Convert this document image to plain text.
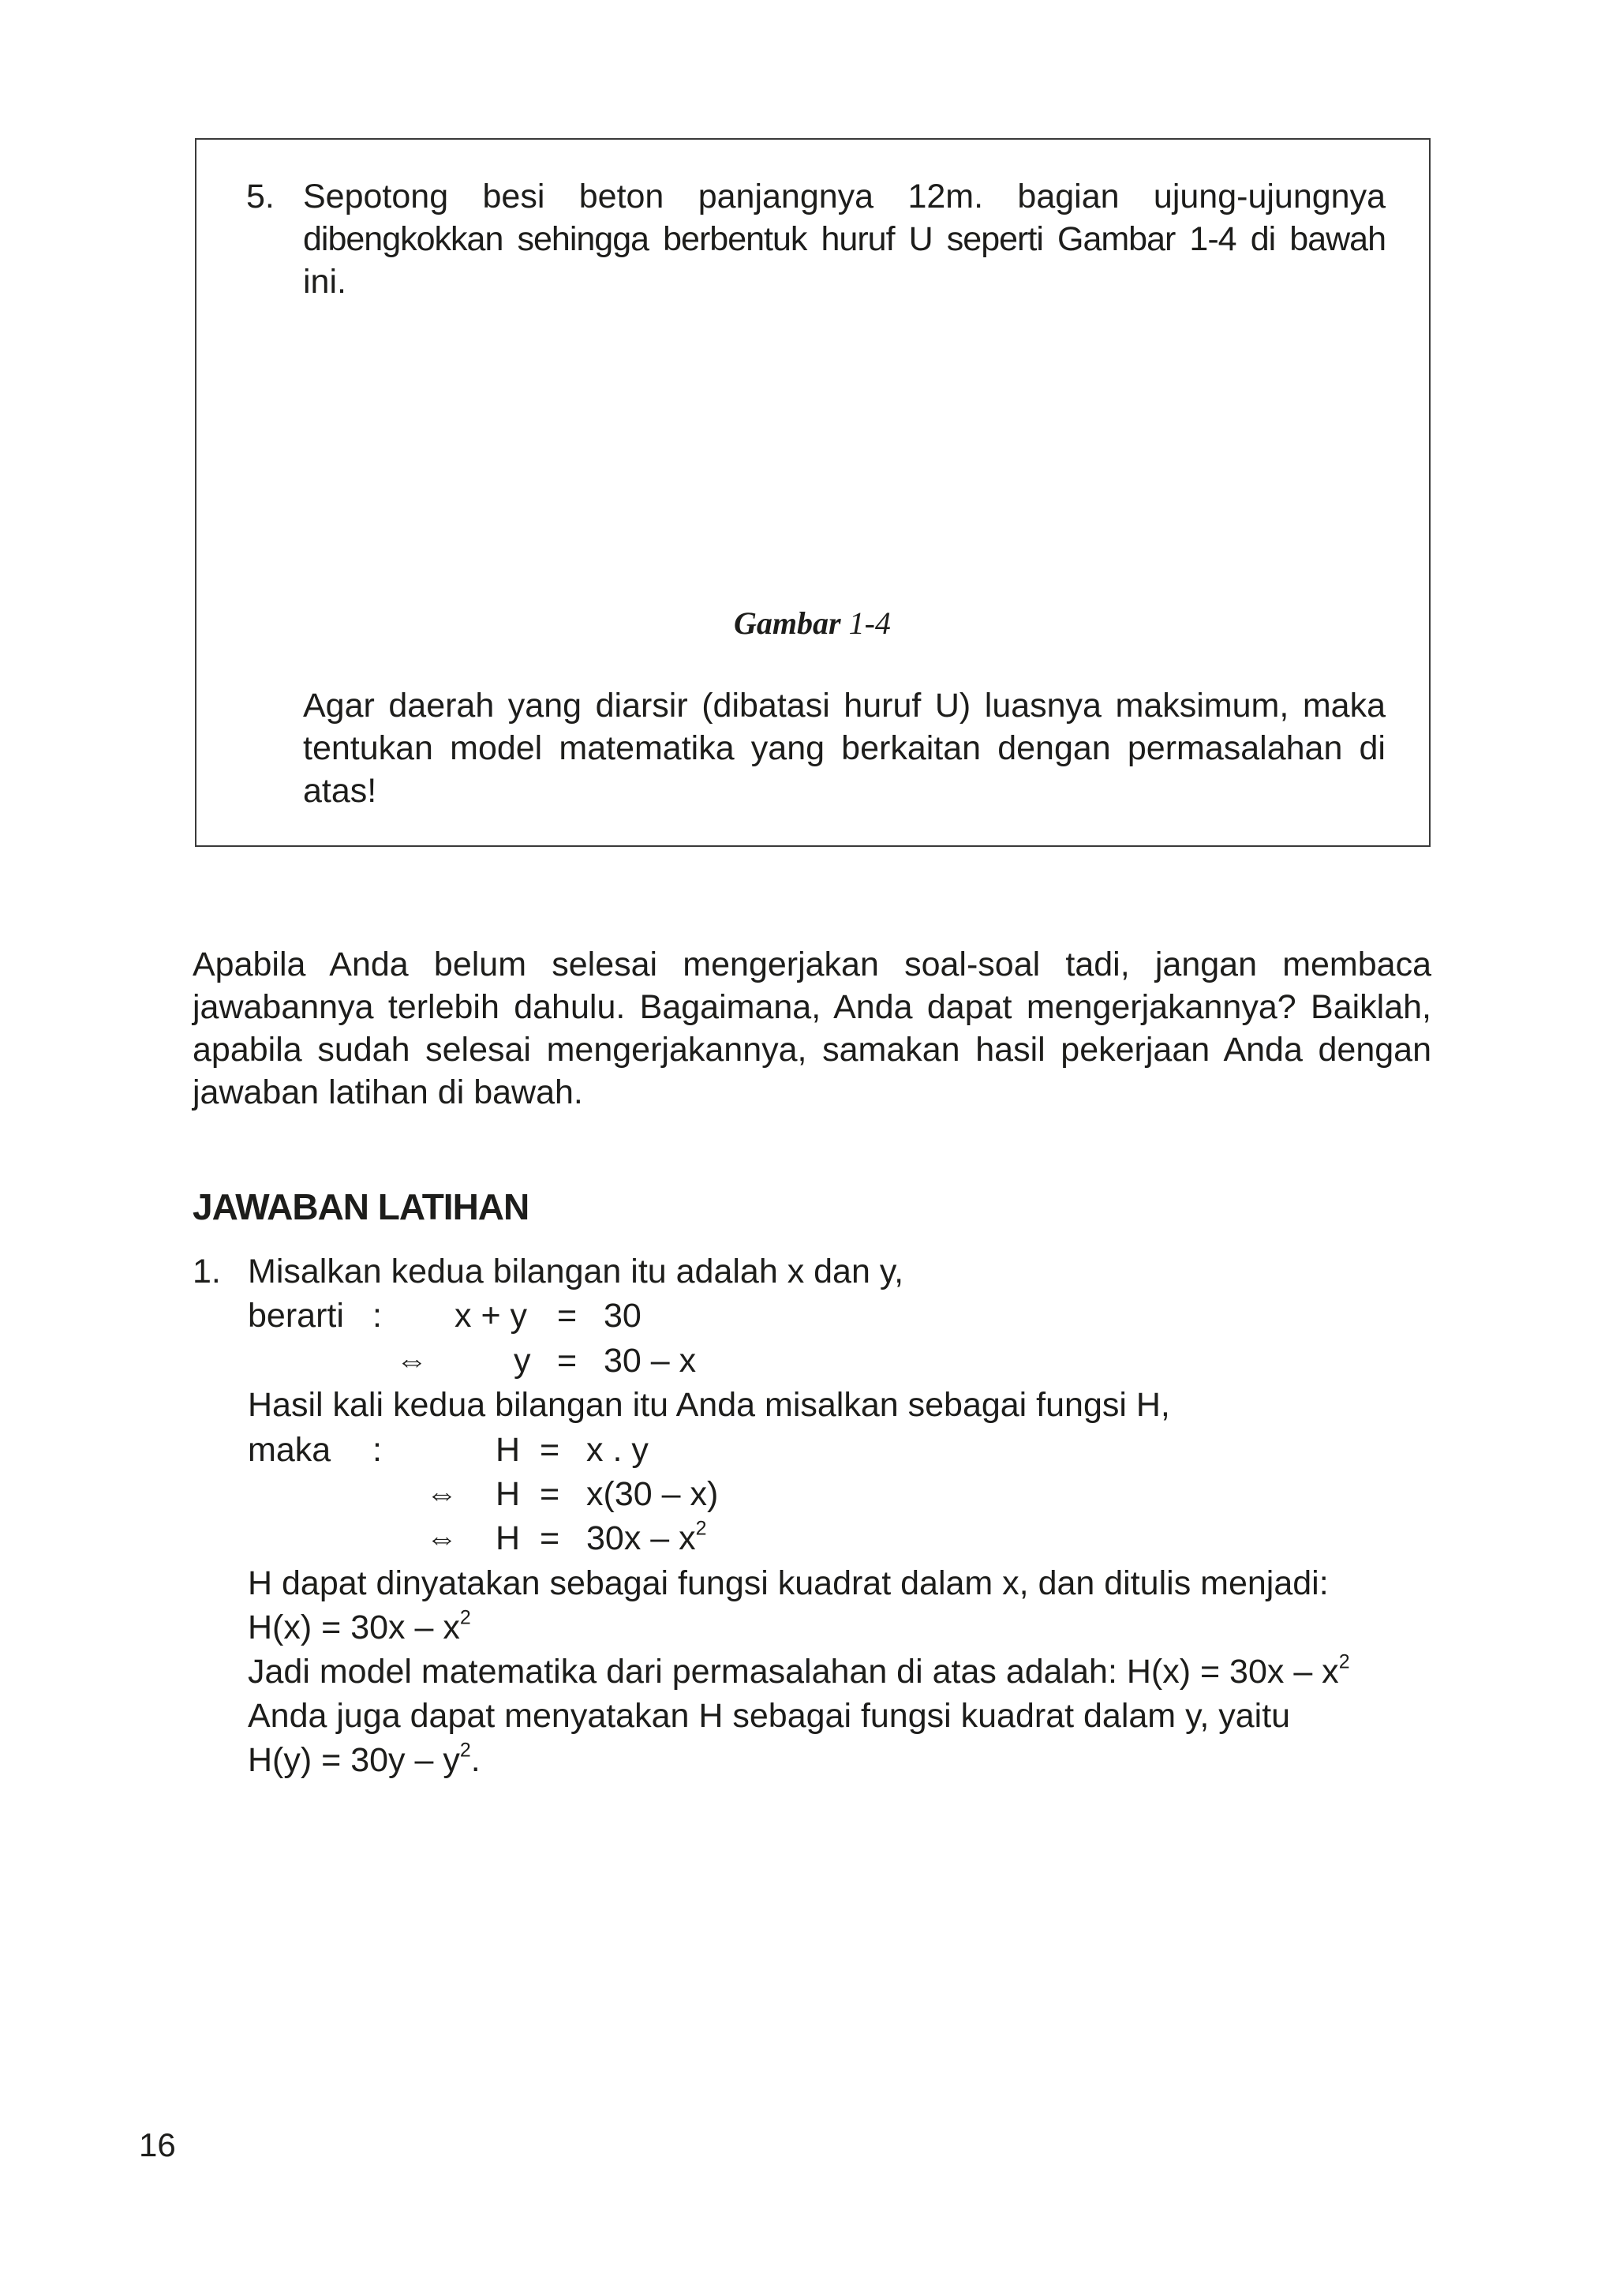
5. Sepotong besi beton panjangnya 12m. bagian ujung-ujungnya
dibengkokkan sehingga berbentuk huruf U seperti Gambar 1-4 di bawah
ini.
Gambar 1-4
Agar daerah yang diarsir (dibatasi huruf U) luasnya maksimum, maka
tentukan model matematika yang berkaitan dengan permasalahan di
atas!
Apabila Anda belum selesai mengerjakan soal-soal tadi, jangan membaca
jawabannya terlebih dahulu. Bagaimana, Anda dapat mengerjakannya? Baiklah,
apabila sudah selesai mengerjakannya, samakan hasil pekerjaan Anda dengan
jawaban latihan di bawah.
JAWABAN LATIHAN
1. Misalkan kedua bilangan itu adalah x dan y,
berarti : x + y = 30
⇔	y = 30 – x
Hasil kali kedua bilangan itu Anda misalkan sebagai fungsi H,
maka :	H = x . y
⇔ H = x(30 – x)
⇔ $H = 30x - x^2$
H dapat dinyatakan sebagai fungsi kuadrat dalam x, dan ditulis menjadi:
$H(x) = 30x - x^2$
Jadi model matematika dari permasalahan di atas adalah: $H(x) = 30x - x^2$
Anda juga dapat menyatakan H sebagai fungsi kuadrat dalam y, yaitu
$H(y) = 30y - y^2$.
16
